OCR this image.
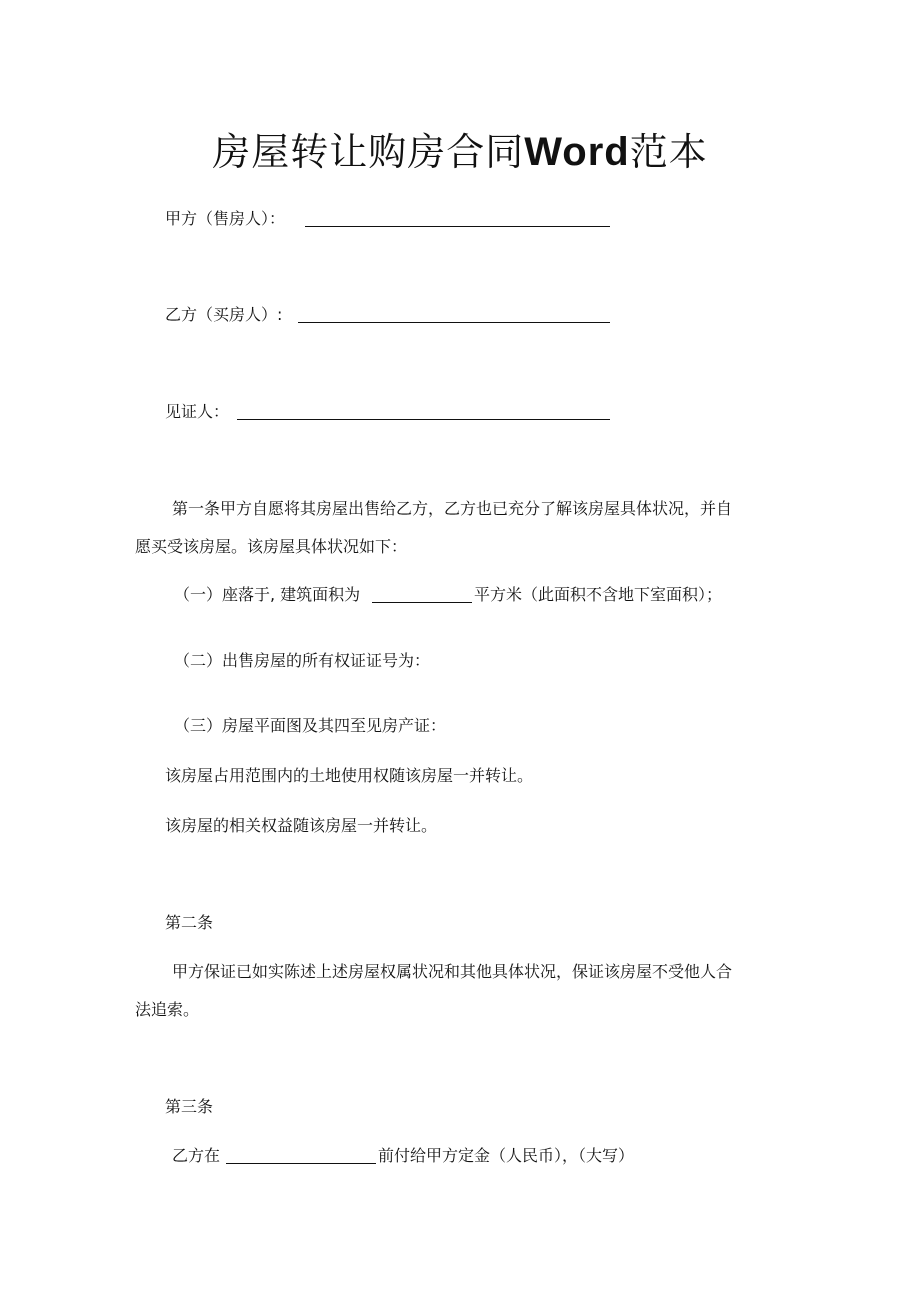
房屋转让购房合同Word范本
甲方（售房人）：
乙方（买房人）:
见证人：
第一条甲方自愿将其房屋出售给乙方，乙方也已充分了解该房屋具体状况，并自
愿买受该房屋。该房屋具体状况如下：
（一）座落于, 建筑面积为	平方米（此面积不含地下室面积）；
（二）出售房屋的所有权证证号为：
（三）房屋平面图及其四至见房产证：
该房屋占用范围内的土地使用权随该房屋一并转让。
该房屋的相关权益随该房屋一并转让。
第二条
甲方保证已如实陈述上述房屋权属状况和其他具体状况，保证该房屋不受他人合
法追索。
第三条
乙方在	前付给甲方定金（人民币），（大写）
